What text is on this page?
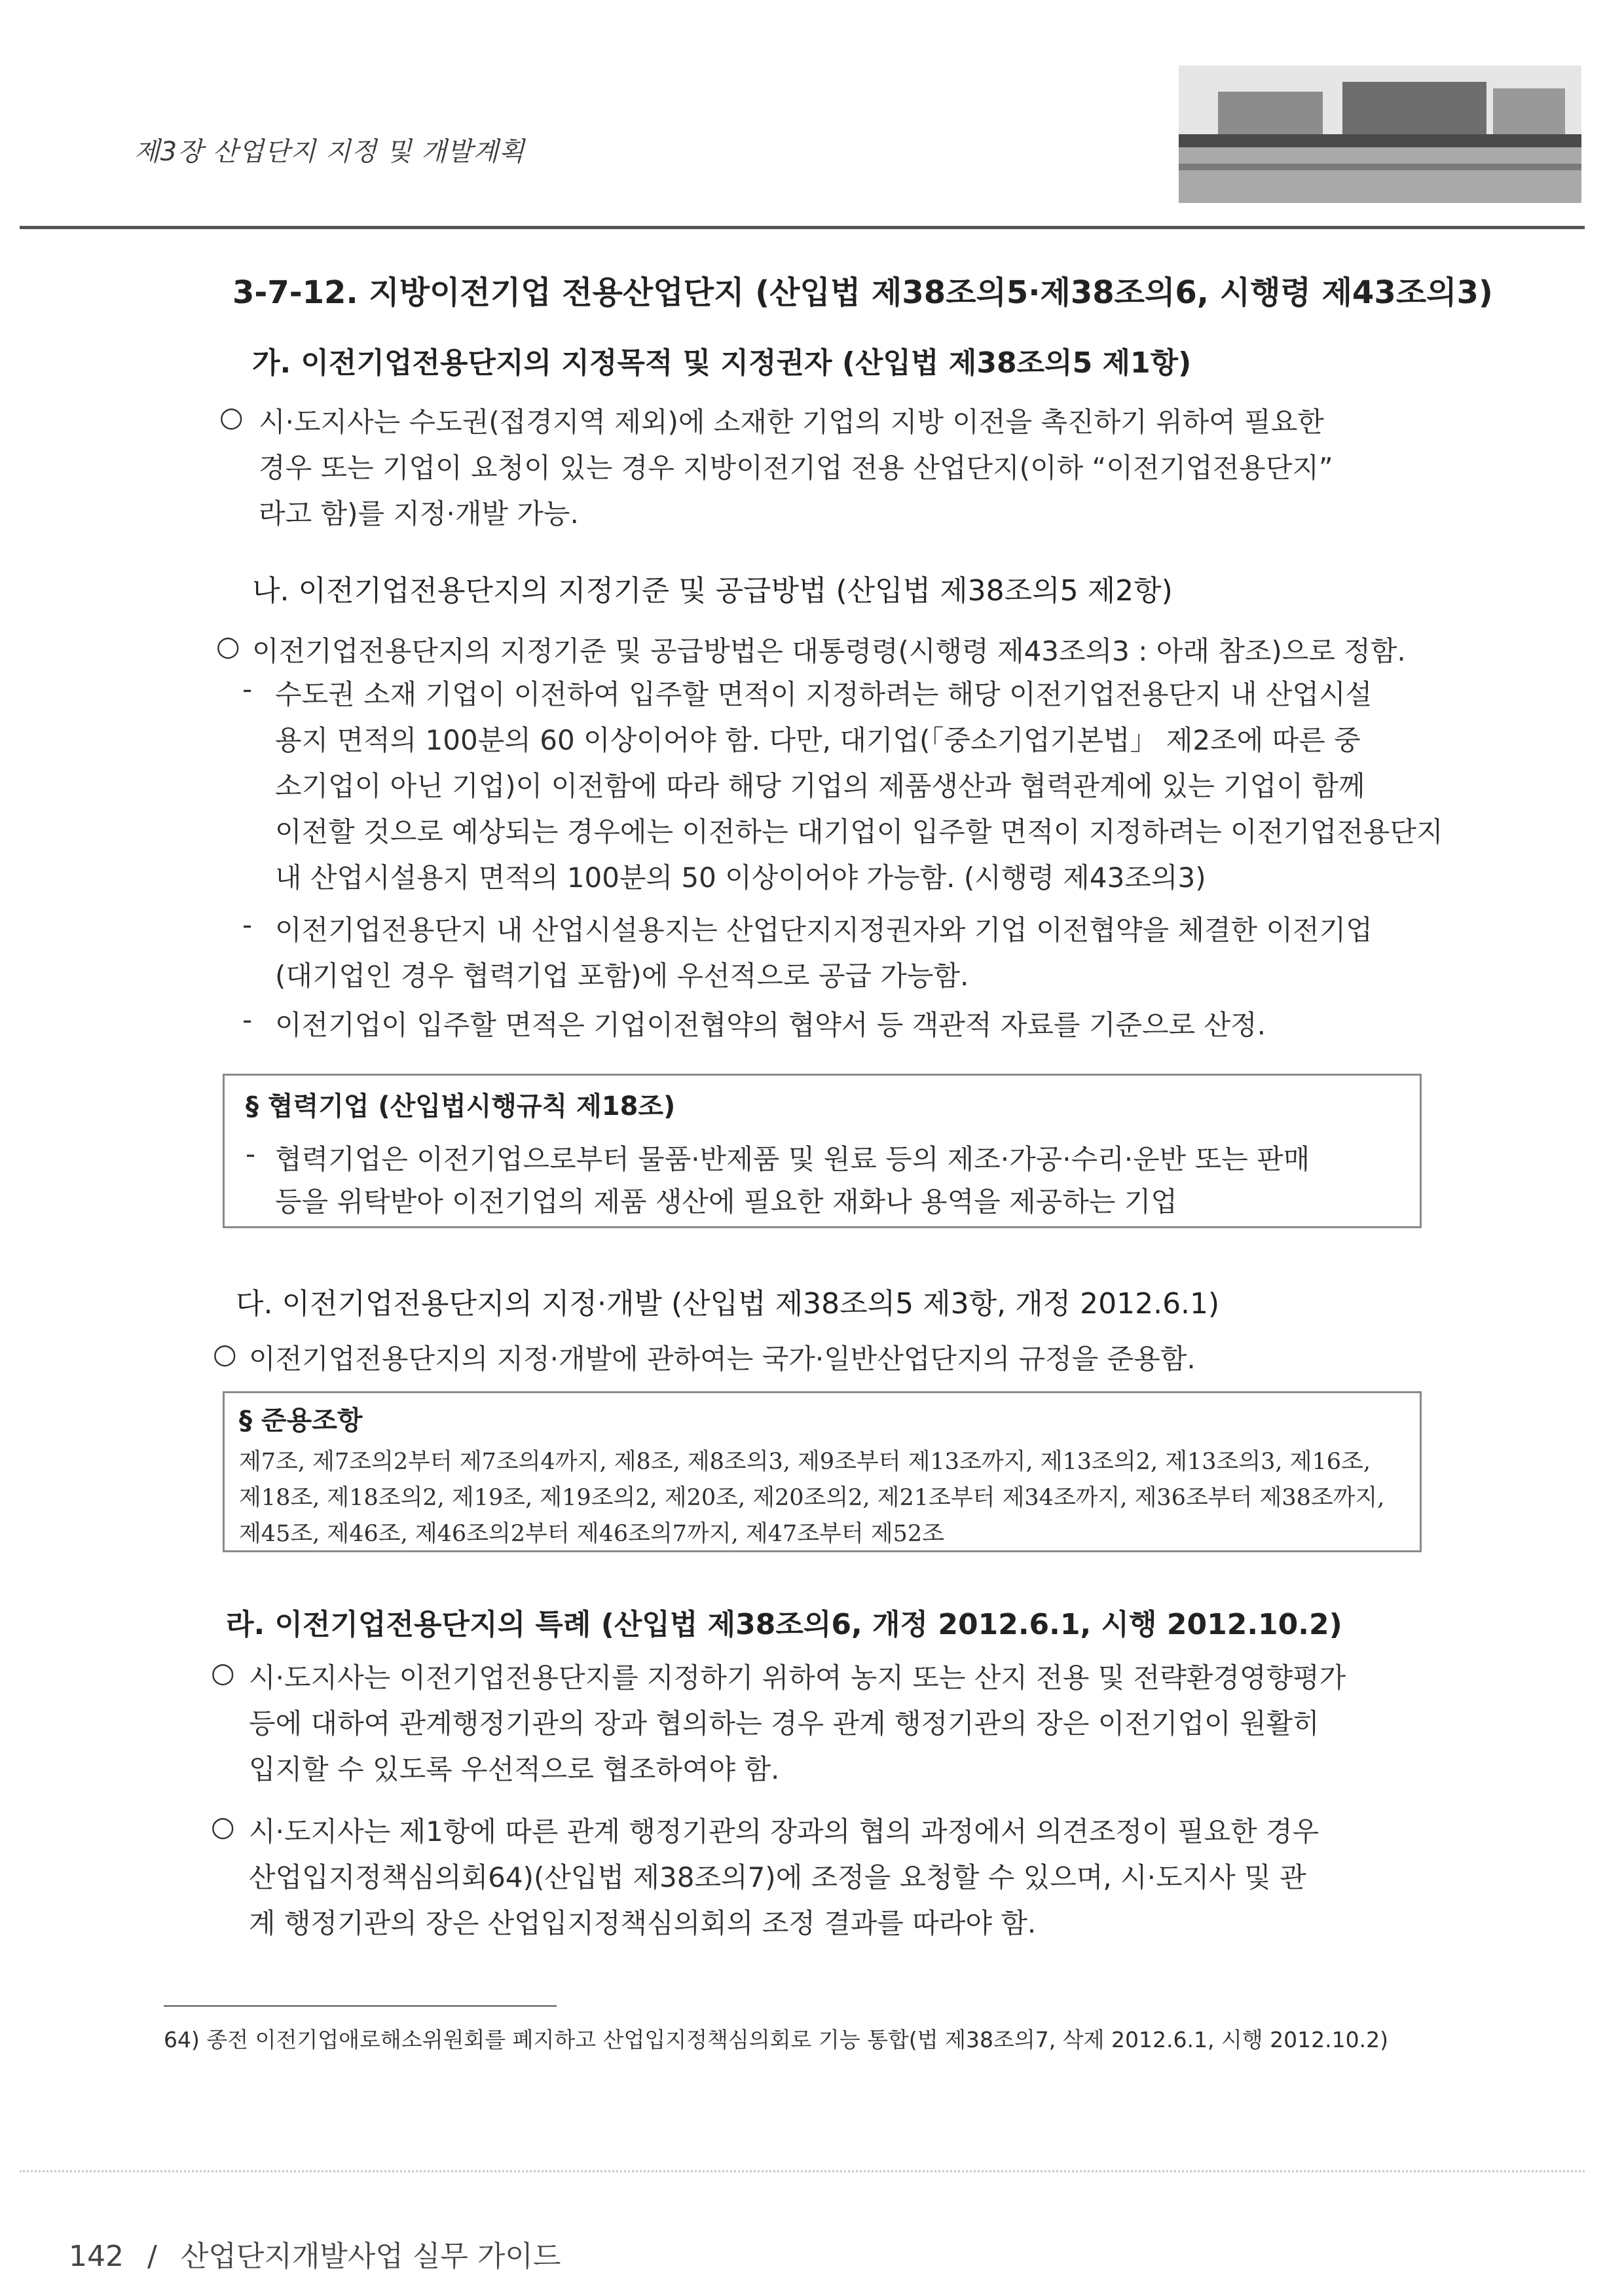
제3장 산업단지 지정 및 개발계획
3-7-12. 지방이전기업 전용산업단지 (산입법 제38조의5·제38조의6, 시행령 제43조의3)
가. 이전기업전용단지의 지정목적 및 지정권자 (산입법 제38조의5 제1항)
○ 시·도지사는 수도권(접경지역 제외)에 소재한 기업의 지방 이전을 촉진하기 위하여 필요한
경우 또는 기업이 요청이 있는 경우 지방이전기업 전용 산업단지(이하 “이전기업전용단지”
라고 함)를 지정·개발 가능.
나. 이전기업전용단지의 지정기준 및 공급방법 (산입법 제38조의5 제2항)
○ 이전기업전용단지의 지정기준 및 공급방법은 대통령령(시행령 제43조의3 : 아래 참조)으로 정함.
- 수도권 소재 기업이 이전하여 입주할 면적이 지정하려는 해당 이전기업전용단지 내 산업시설
용지 면적의 100분의 60 이상이어야 함. 다만, 대기업(「중소기업기본법」 제2조에 따른 중
소기업이 아닌 기업)이 이전함에 따라 해당 기업의 제품생산과 협력관계에 있는 기업이 함께
이전할 것으로 예상되는 경우에는 이전하는 대기업이 입주할 면적이 지정하려는 이전기업전용단지
내 산업시설용지 면적의 100분의 50 이상이어야 가능함. (시행령 제43조의3)
- 이전기업전용단지 내 산업시설용지는 산업단지지정권자와 기업 이전협약을 체결한 이전기업
(대기업인 경우 협력기업 포함)에 우선적으로 공급 가능함.
- 이전기업이 입주할 면적은 기업이전협약의 협약서 등 객관적 자료를 기준으로 산정.
§ 협력기업 (산입법시행규칙 제18조)
- 협력기업은 이전기업으로부터 물품·반제품 및 원료 등의 제조·가공·수리·운반 또는 판매
등을 위탁받아 이전기업의 제품 생산에 필요한 재화나 용역을 제공하는 기업
다. 이전기업전용단지의 지정·개발 (산입법 제38조의5 제3항, 개정 2012.6.1)
○ 이전기업전용단지의 지정·개발에 관하여는 국가·일반산업단지의 규정을 준용함.
§ 준용조항
제7조, 제7조의2부터 제7조의4까지, 제8조, 제8조의3, 제9조부터 제13조까지, 제13조의2, 제13조의3, 제16조,
제18조, 제18조의2, 제19조, 제19조의2, 제20조, 제20조의2, 제21조부터 제34조까지, 제36조부터 제38조까지,
제45조, 제46조, 제46조의2부터 제46조의7까지, 제47조부터 제52조
라. 이전기업전용단지의 특례 (산입법 제38조의6, 개정 2012.6.1, 시행 2012.10.2)
○ 시·도지사는 이전기업전용단지를 지정하기 위하여 농지 또는 산지 전용 및 전략환경영향평가
등에 대하여 관계행정기관의 장과 협의하는 경우 관계 행정기관의 장은 이전기업이 원활히
입지할 수 있도록 우선적으로 협조하여야 함.
○ 시·도지사는 제1항에 따른 관계 행정기관의 장과의 협의 과정에서 의견조정이 필요한 경우
산업입지정책심의회64)(산입법 제38조의7)에 조정을 요청할 수 있으며, 시·도지사 및 관
계 행정기관의 장은 산업입지정책심의회의 조정 결과를 따라야 함.
64) 종전 이전기업애로해소위원회를 폐지하고 산업입지정책심의회로 기능 통합(법 제38조의7, 삭제 2012.6.1, 시행 2012.10.2)
142 / 산업단지개발사업 실무 가이드
